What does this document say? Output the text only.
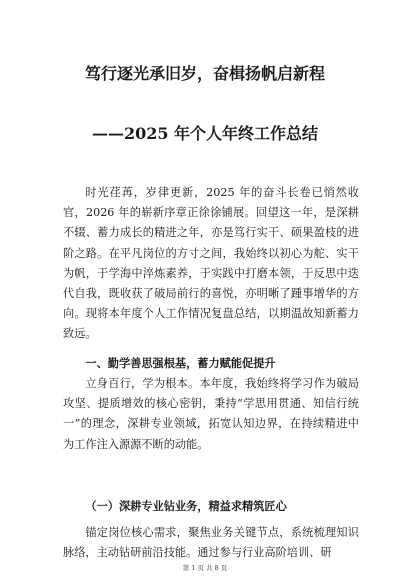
笃行逐光承旧岁，奋楫扬帆启新程
——2025 年个人年终工作总结
时光荏苒，岁律更新，2025 年的奋斗长卷已悄然收官，2026 年的崭新序章正徐徐铺展。回望这一年，是深耕不辍、蓄力成长的精进之年，亦是笃行实干、硕果盈枝的进阶之路。在平凡岗位的方寸之间，我始终以初心为舵、实干为帆，于学海中淬炼素养，于实践中打磨本领，于反思中迭代自我，既收获了破局前行的喜悦，亦明晰了踵事增华的方向。现将本年度个人工作情况复盘总结，以期温故知新蓄力致远。
一、勤学善思强根基，蓄力赋能促提升
立身百行，学为根本。本年度，我始终将学习作为破局攻坚、提质增效的核心密钥，秉持“学思用贯通、知信行统一”的理念，深耕专业领域，拓宽认知边界，在持续精进中为工作注入源源不断的动能。
（一）深耕专业钻业务，精益求精筑匠心
锚定岗位核心需求，聚焦业务关键节点，系统梳理知识脉络，主动钻研前沿技能。通过参与行业高阶培训、研
第 1 页 共 8 页
